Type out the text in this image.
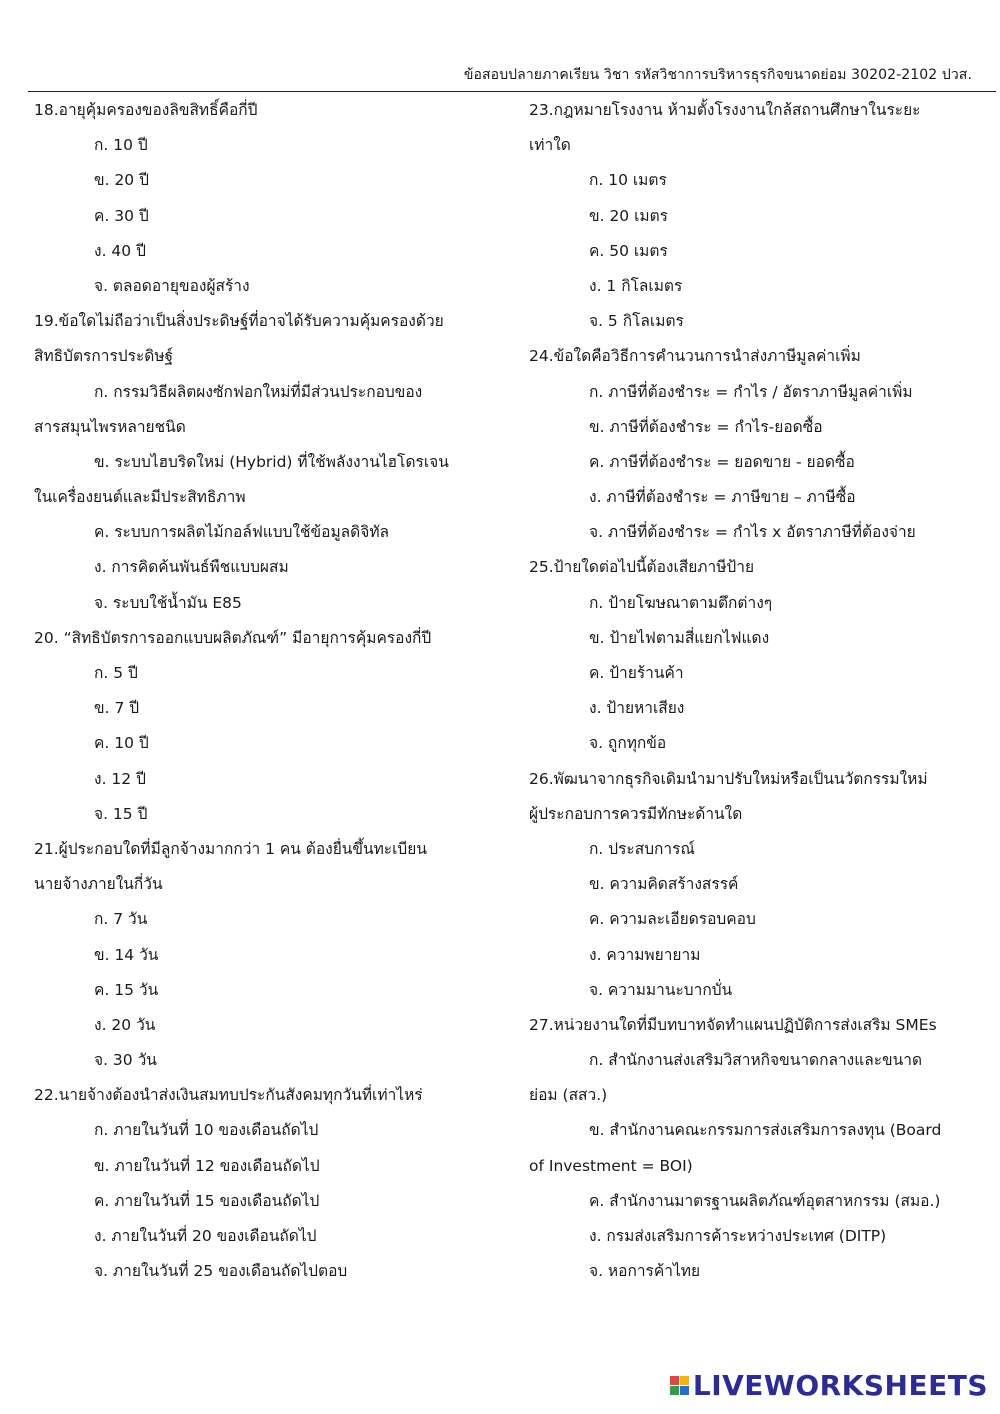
ข้อสอบปลายภาคเรียน วิชา รหัสวิชาการบริหารธุรกิจขนาดย่อม 30202-2102 ปวส.
18.อายุคุ้มครองของลิขสิทธิ์คือกี่ปี
ก. 10 ปี
ข. 20 ปี
ค. 30 ปี
ง. 40 ปี
จ. ตลอดอายุของผู้สร้าง
19.ข้อใดไม่ถือว่าเป็นสิ่งประดิษฐ์ที่อาจได้รับความคุ้มครองด้วย
สิทธิบัตรการประดิษฐ์
ก. กรรมวิธีผลิตผงซักฟอกใหม่ที่มีส่วนประกอบของ
สารสมุนไพรหลายชนิด
ข. ระบบไฮบริดใหม่ (Hybrid) ที่ใช้พลังงานไฮโดรเจน
ในเครื่องยนต์และมีประสิทธิภาพ
ค. ระบบการผลิตไม้กอล์ฟแบบใช้ข้อมูลดิจิทัล
ง. การคิดค้นพันธ์พืชแบบผสม
จ. ระบบใช้น้ำมัน E85
20. “สิทธิบัตรการออกแบบผลิตภัณฑ์” มีอายุการคุ้มครองกี่ปี
ก. 5 ปี
ข. 7 ปี
ค. 10 ปี
ง. 12 ปี
จ. 15 ปี
21.ผู้ประกอบใดที่มีลูกจ้างมากกว่า 1 คน ต้องยื่นขึ้นทะเบียน
นายจ้างภายในกี่วัน
ก. 7 วัน
ข. 14 วัน
ค. 15 วัน
ง. 20 วัน
จ. 30 วัน
22.นายจ้างต้องนำส่งเงินสมทบประกันสังคมทุกวันที่เท่าไหร่
ก. ภายในวันที่ 10 ของเดือนถัดไป
ข. ภายในวันที่ 12 ของเดือนถัดไป
ค. ภายในวันที่ 15 ของเดือนถัดไป
ง. ภายในวันที่ 20 ของเดือนถัดไป
จ. ภายในวันที่ 25 ของเดือนถัดไปตอบ
23.กฎหมายโรงงาน ห้ามตั้งโรงงานใกล้สถานศึกษาในระยะ
เท่าใด
ก. 10 เมตร
ข. 20 เมตร
ค. 50 เมตร
ง. 1 กิโลเมตร
จ. 5 กิโลเมตร
24.ข้อใดคือวิธีการคำนวนการนำส่งภาษีมูลค่าเพิ่ม
ก. ภาษีที่ต้องชำระ = กำไร / อัตราภาษีมูลค่าเพิ่ม
ข. ภาษีที่ต้องชำระ = กำไร-ยอดซื้อ
ค. ภาษีที่ต้องชำระ = ยอดขาย - ยอดซื้อ
ง. ภาษีที่ต้องชำระ = ภาษีขาย – ภาษีซื้อ
จ. ภาษีที่ต้องชำระ = กำไร x อัตราภาษีที่ต้องจ่าย
25.ป้ายใดต่อไปนี้ต้องเสียภาษีป้าย
ก. ป้ายโฆษณาตามตึกต่างๆ
ข. ป้ายไฟตามสี่แยกไฟแดง
ค. ป้ายร้านค้า
ง. ป้ายหาเสียง
จ. ถูกทุกข้อ
26.พัฒนาจากธุรกิจเดิมนำมาปรับใหม่หรือเป็นนวัตกรรมใหม่
ผู้ประกอบการควรมีทักษะด้านใด
ก. ประสบการณ์
ข. ความคิดสร้างสรรค์
ค. ความละเอียดรอบคอบ
ง. ความพยายาม
จ. ความมานะบากบั่น
27.หน่วยงานใดที่มีบทบาทจัดทำแผนปฏิบัติการส่งเสริม SMEs
ก. สำนักงานส่งเสริมวิสาหกิจขนาดกลางและขนาด
ย่อม (สสว.)
ข. สำนักงานคณะกรรมการส่งเสริมการลงทุน (Board
of Investment = BOI)
ค. สำนักงานมาตรฐานผลิตภัณฑ์อุตสาหกรรม (สมอ.)
ง. กรมส่งเสริมการค้าระหว่างประเทศ (DITP)
จ. หอการค้าไทย
LIVEWORKSHEETS
